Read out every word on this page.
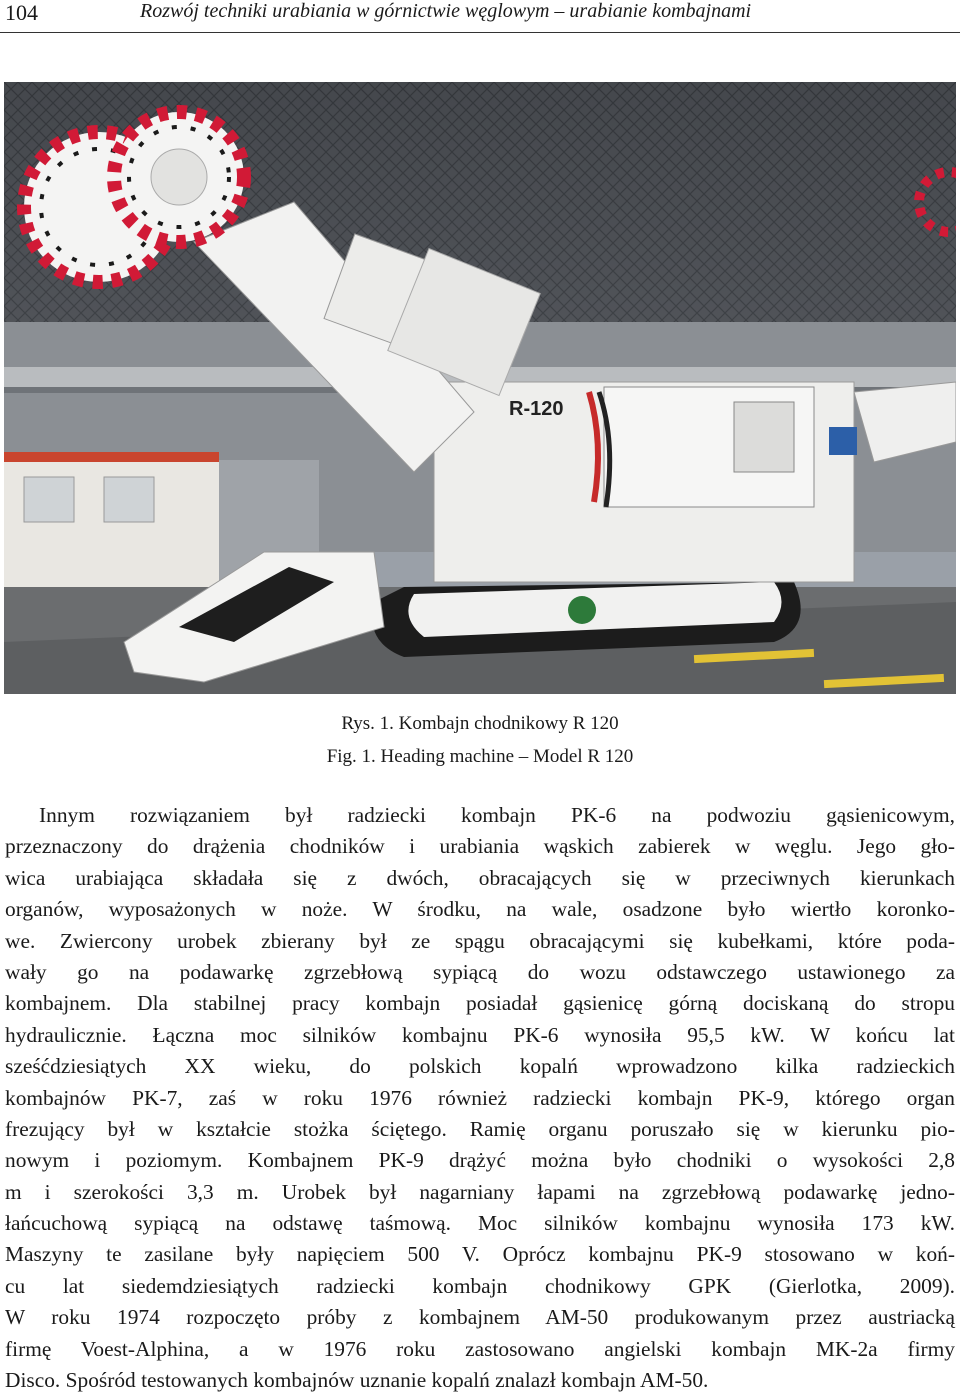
104	Rozwój techniki urabiania w górnictwie węglowym – urabianie kombajnami
R-120
Rys. 1. Kombajn chodnikowy R 120
Fig. 1. Heading machine – Model R 120
Innym rozwiązaniem był radziecki kombajn PK-6 na podwoziu gąsienicowym,
przeznaczony do drążenia chodników i urabiania wąskich zabierek w węglu. Jego gło-
wica urabiająca składała się z dwóch, obracających się w przeciwnych kierunkach
organów, wyposażonych w noże. W środku, na wale, osadzone było wiertło koronko-
we. Zwiercony urobek zbierany był ze spągu obracającymi się kubełkami, które poda-
wały go na podawarkę zgrzebłową sypiącą do wozu odstawczego ustawionego za
kombajnem. Dla stabilnej pracy kombajn posiadał gąsienicę górną dociskaną do stropu
hydraulicznie. Łączna moc silników kombajnu PK-6 wynosiła 95,5 kW. W końcu lat
sześćdziesiątych XX wieku, do polskich kopalń wprowadzono kilka radzieckich
kombajnów PK-7, zaś w roku 1976 również radziecki kombajn PK-9, którego organ
frezujący był w kształcie stożka ściętego. Ramię organu poruszało się w kierunku pio-
nowym i poziomym. Kombajnem PK-9 drążyć można było chodniki o wysokości 2,8
m i szerokości 3,3 m. Urobek był nagarniany łapami na zgrzebłową podawarkę jedno-
łańcuchową sypiącą na odstawę taśmową. Moc silników kombajnu wynosiła 173 kW.
Maszyny te zasilane były napięciem 500 V. Oprócz kombajnu PK-9 stosowano w koń-
cu lat siedemdziesiątych radziecki kombajn chodnikowy GPK (Gierlotka, 2009).
W roku 1974 rozpoczęto próby z kombajnem AM-50 produkowanym przez austriacką
firmę Voest-Alphina, a w 1976 roku zastosowano angielski kombajn MK-2a firmy
Disco. Spośród testowanych kombajnów uznanie kopalń znalazł kombajn AM-50.
